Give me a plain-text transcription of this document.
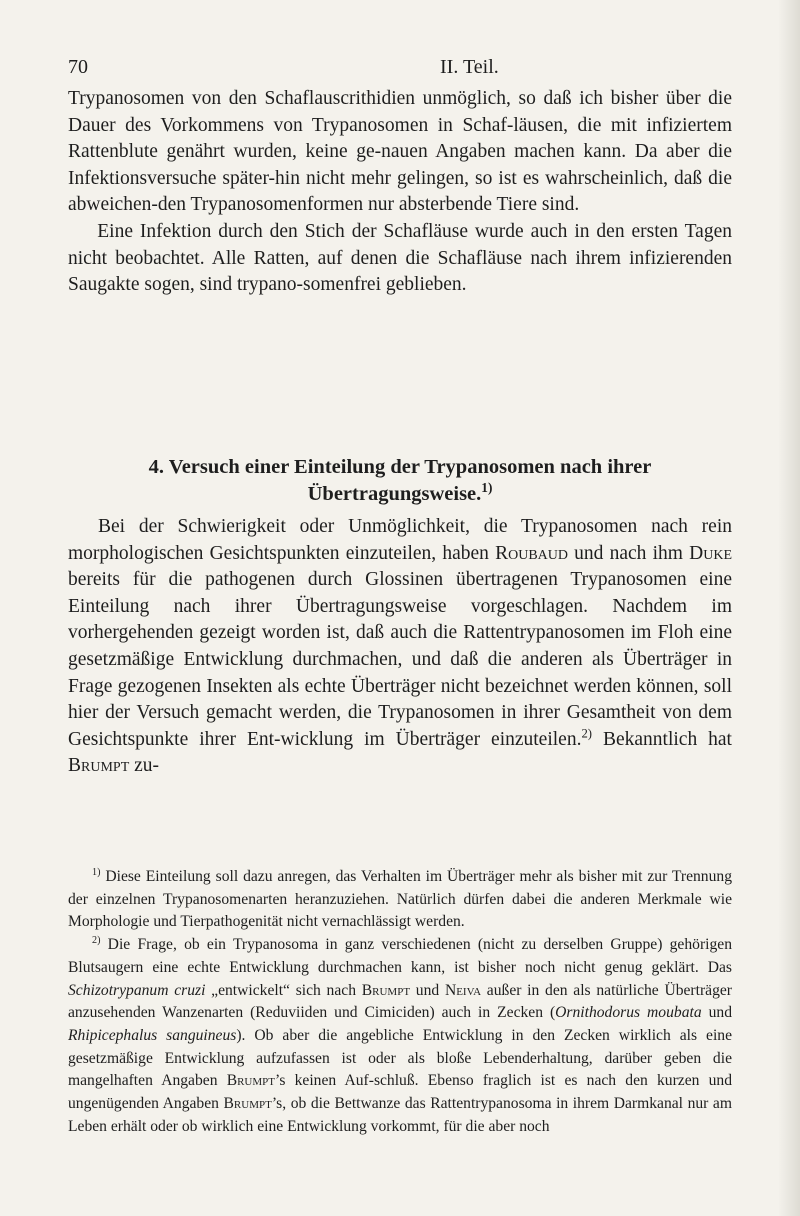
70	II. Teil.

Trypanosomen von den Schaflauscrithidien unmöglich, so daß ich bisher über die Dauer des Vorkommens von Trypanosomen in Schaf-läusen, die mit infiziertem Rattenblute genährt wurden, keine ge-nauen Angaben machen kann. Da aber die Infektionsversuche später-hin nicht mehr gelingen, so ist es wahrscheinlich, daß die abweichen-den Trypanosomenformen nur absterbende Tiere sind.
  Eine Infektion durch den Stich der Schafläuse wurde auch in den ersten Tagen nicht beobachtet. Alle Ratten, auf denen die Schafläuse nach ihrem infizierenden Saugakte sogen, sind trypano-somenfrei geblieben.

4. Versuch einer Einteilung der Trypanosomen nach ihrer
Übertragungsweise.$^{1)}$

Bei der Schwierigkeit oder Unmöglichkeit, die Trypanosomen nach rein morphologischen Gesichtspunkten einzuteilen, haben Roubaud und nach ihm Duke bereits für die pathogenen durch Glossinen übertragenen Trypanosomen eine Einteilung nach ihrer Übertragungsweise vorgeschlagen. Nachdem im vorhergehenden gezeigt worden ist, daß auch die Rattentrypanosomen im Floh eine gesetzmäßige Entwicklung durchmachen, und daß die anderen als Überträger in Frage gezogenen Insekten als echte Überträger nicht bezeichnet werden können, soll hier der Versuch gemacht werden, die Trypanosomen in ihrer Gesamtheit von dem Gesichtspunkte ihrer Ent-wicklung im Überträger einzuteilen.$^{2)}$ Bekanntlich hat Brumpt zu-

$^{1)}$ Diese Einteilung soll dazu anregen, das Verhalten im Überträger mehr als bisher mit zur Trennung der einzelnen Trypanosomenarten heranzuziehen. Natürlich dürfen dabei die anderen Merkmale wie Morphologie und Tierpathogenität nicht vernachlässigt werden.

$^{2)}$ Die Frage, ob ein Trypanosoma in ganz verschiedenen (nicht zu derselben Gruppe) gehörigen Blutsaugern eine echte Entwicklung durchmachen kann, ist bisher noch nicht genug geklärt. Das Schizotrypanum cruzi „entwickelt“ sich nach Brumpt und Neiva außer in den als natürliche Überträger anzusehenden Wanzenarten (Reduviiden und Cimiciden) auch in Zecken (Ornithodorus moubata und Rhipicephalus sanguineus). Ob aber die angebliche Entwicklung in den Zecken wirklich als eine gesetzmäßige Entwicklung aufzufassen ist oder als bloße Lebenderhaltung, darüber geben die mangelhaften Angaben Brumpt’s keinen Auf-schluß. Ebenso fraglich ist es nach den kurzen und ungenügenden Angaben Brumpt’s, ob die Bettwanze das Rattentrypanosoma in ihrem Darmkanal nur am Leben erhält oder ob wirklich eine Entwicklung vorkommt, für die aber noch
